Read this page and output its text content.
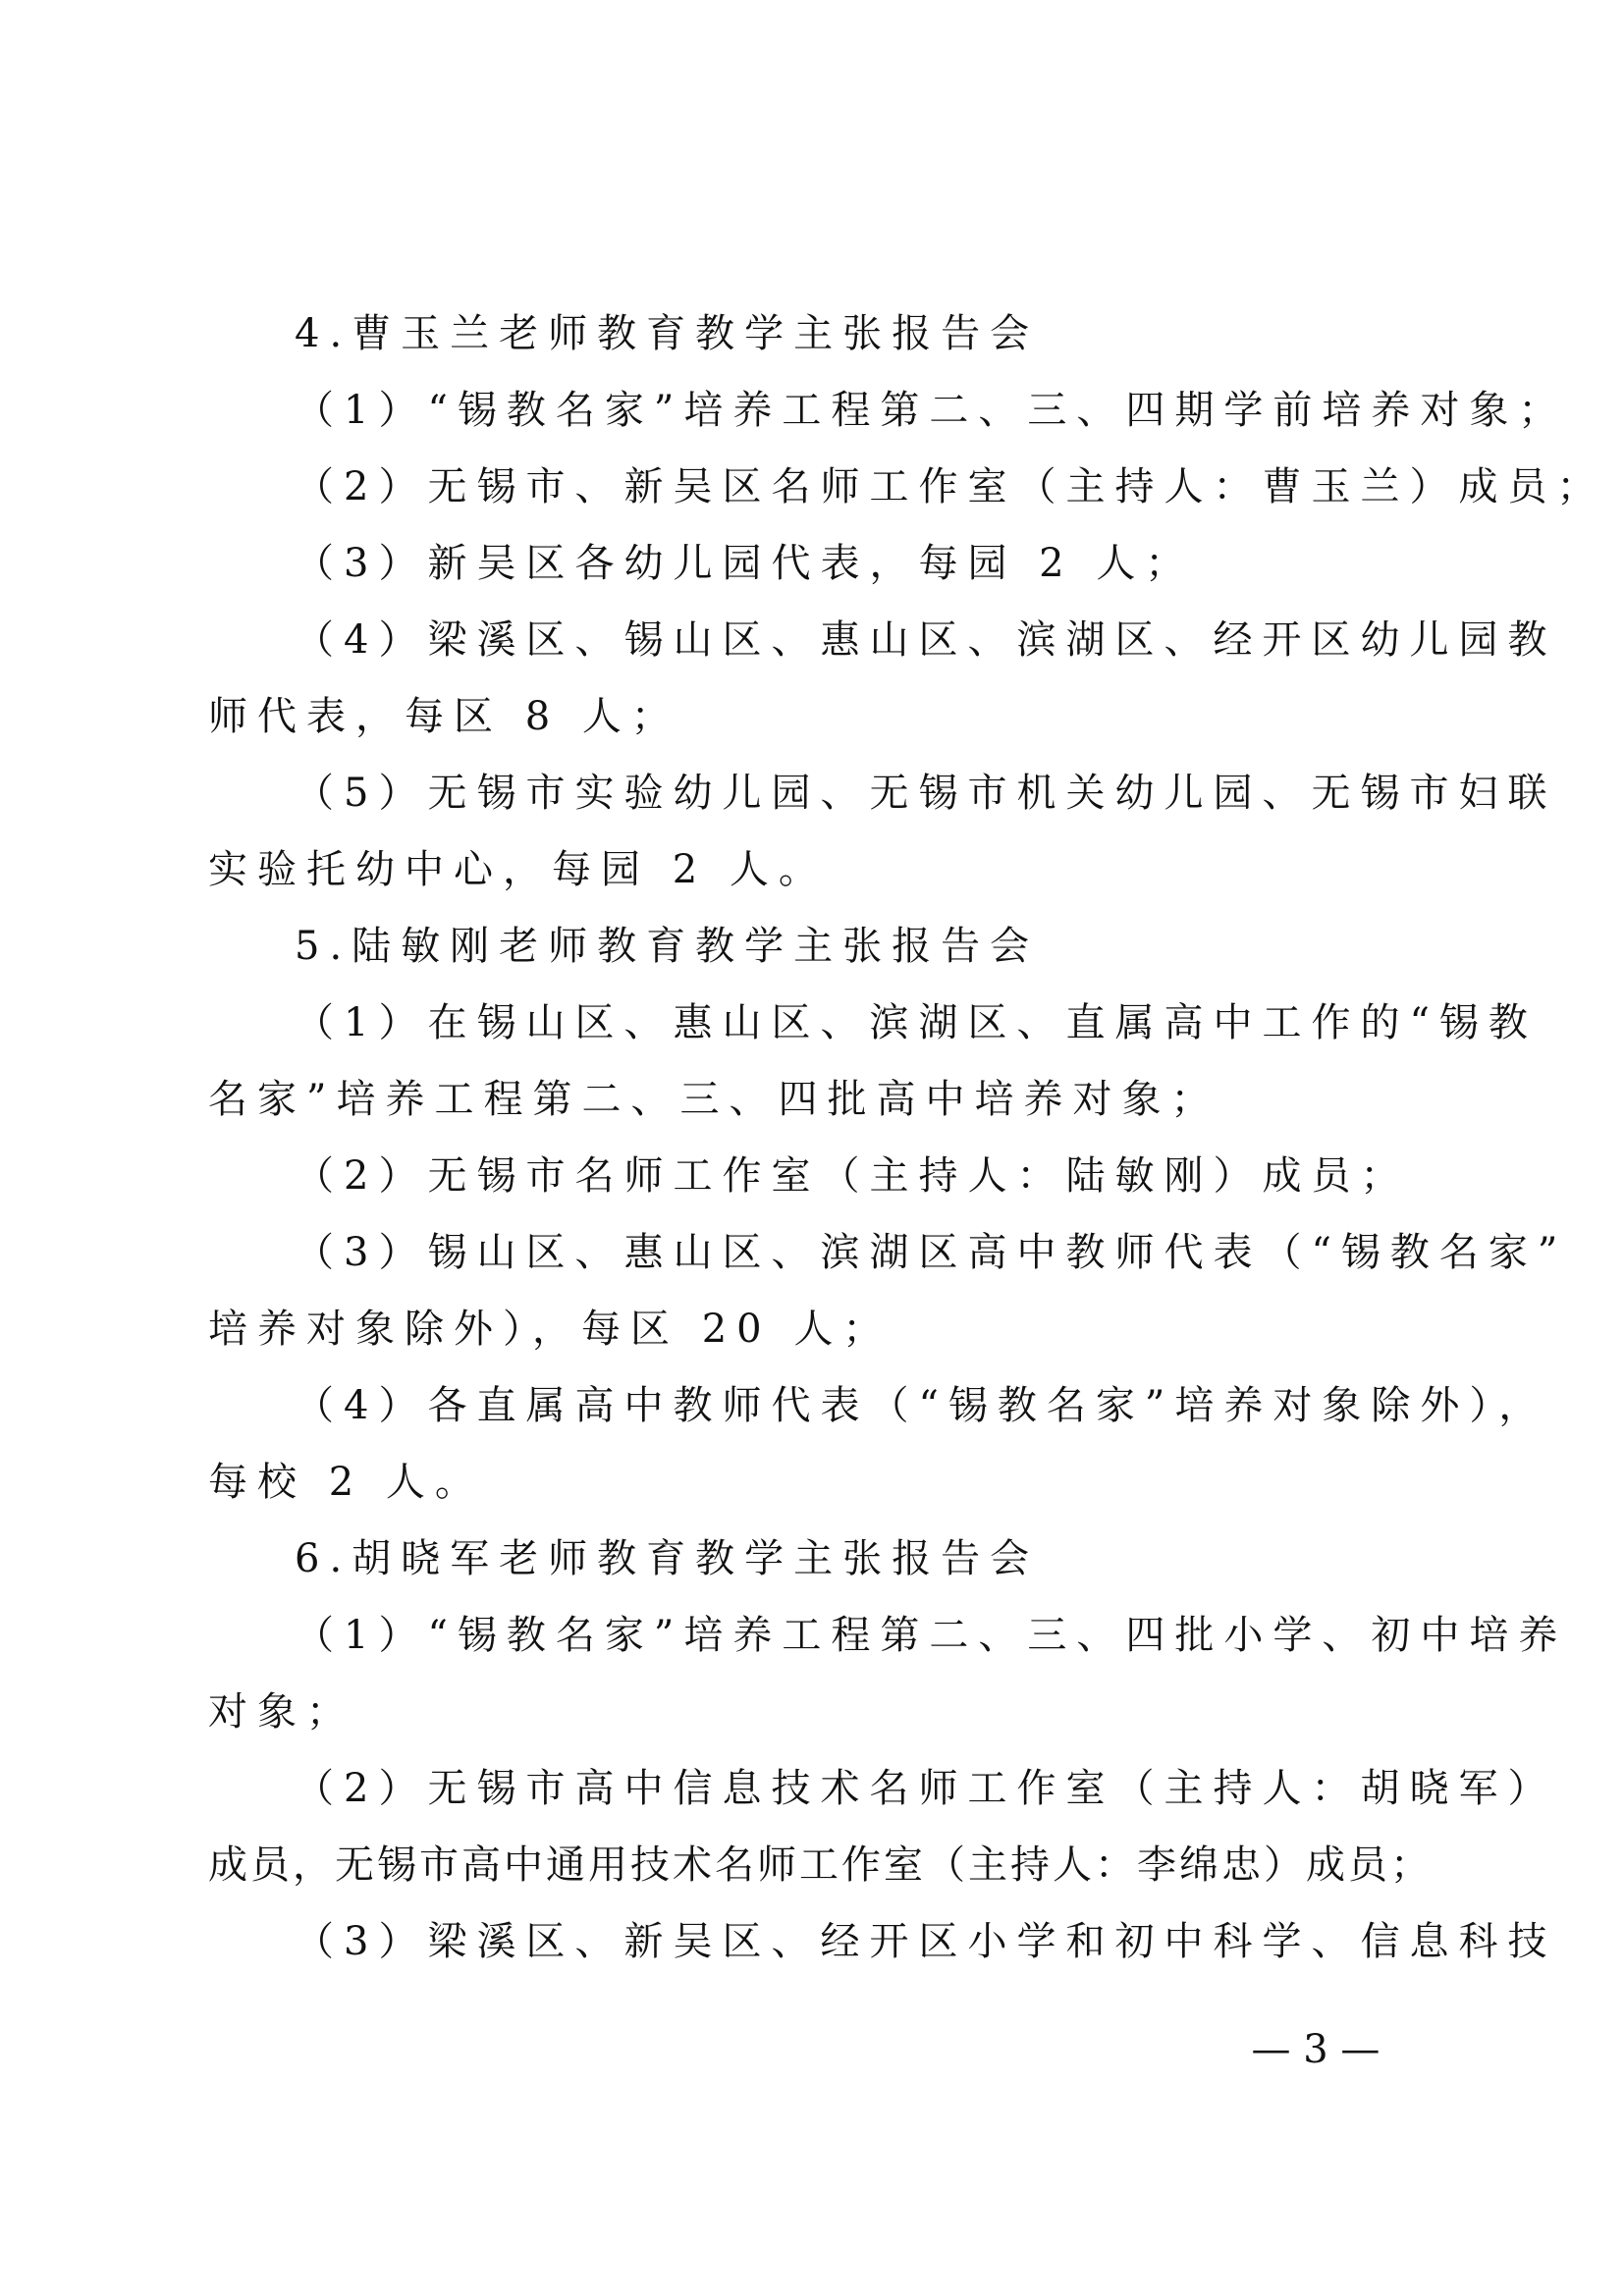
4.曹玉兰老师教育教学主张报告会
（1）“锡教名家”培养工程第二、三、四期学前培养对象；
（2）无锡市、新吴区名师工作室（主持人：曹玉兰）成员；
（3）新吴区各幼儿园代表，每园 2 人；
（4）梁溪区、锡山区、惠山区、滨湖区、经开区幼儿园教
师代表，每区 8 人；
（5）无锡市实验幼儿园、无锡市机关幼儿园、无锡市妇联
实验托幼中心，每园 2 人。
5.陆敏刚老师教育教学主张报告会
（1）在锡山区、惠山区、滨湖区、直属高中工作的“锡教
名家”培养工程第二、三、四批高中培养对象；
（2）无锡市名师工作室（主持人：陆敏刚）成员；
（3）锡山区、惠山区、滨湖区高中教师代表（“锡教名家”
培养对象除外），每区 20 人；
（4）各直属高中教师代表（“锡教名家”培养对象除外），
每校 2 人。
6.胡晓军老师教育教学主张报告会
（1）“锡教名家”培养工程第二、三、四批小学、初中培养
对象；
（2）无锡市高中信息技术名师工作室（主持人：胡晓军）
成员，无锡市高中通用技术名师工作室（主持人：李绵忠）成员；
（3）梁溪区、新吴区、经开区小学和初中科学、信息科技
— 3 —
